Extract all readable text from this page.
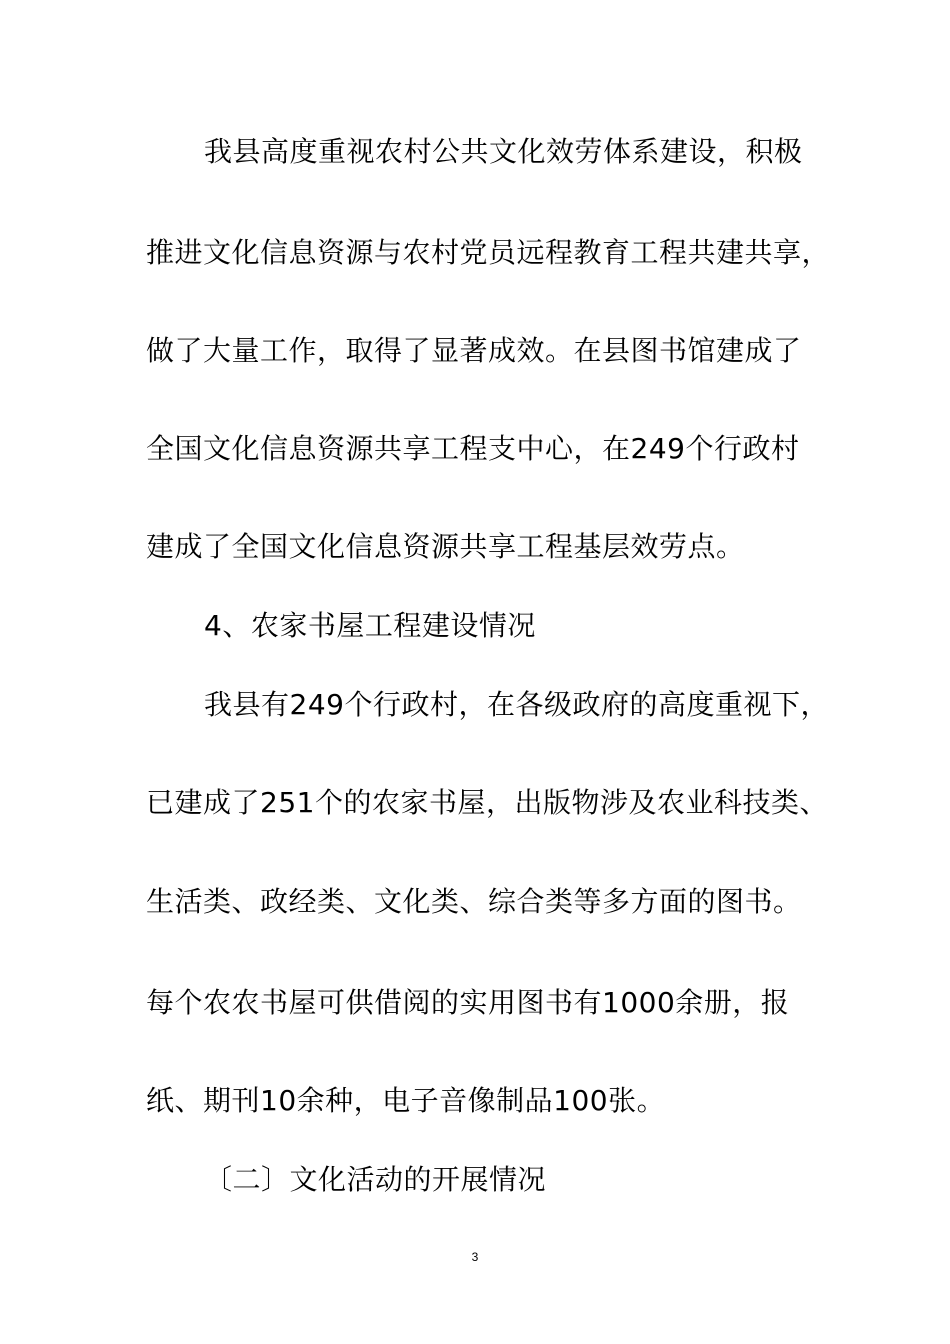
我县高度重视农村公共文化效劳体系建设，积极
推进文化信息资源与农村党员远程教育工程共建共享，
做了大量工作，取得了显著成效。在县图书馆建成了
全国文化信息资源共享工程支中心，在249个行政村
建成了全国文化信息资源共享工程基层效劳点。
4、农家书屋工程建设情况
我县有249个行政村，在各级政府的高度重视下，
已建成了251个的农家书屋，出版物涉及农业科技类、
生活类、政经类、文化类、综合类等多方面的图书。
每个农农书屋可供借阅的实用图书有1000余册，报
纸、期刊10余种，电子音像制品100张。
〔二〕文化活动的开展情况
3
